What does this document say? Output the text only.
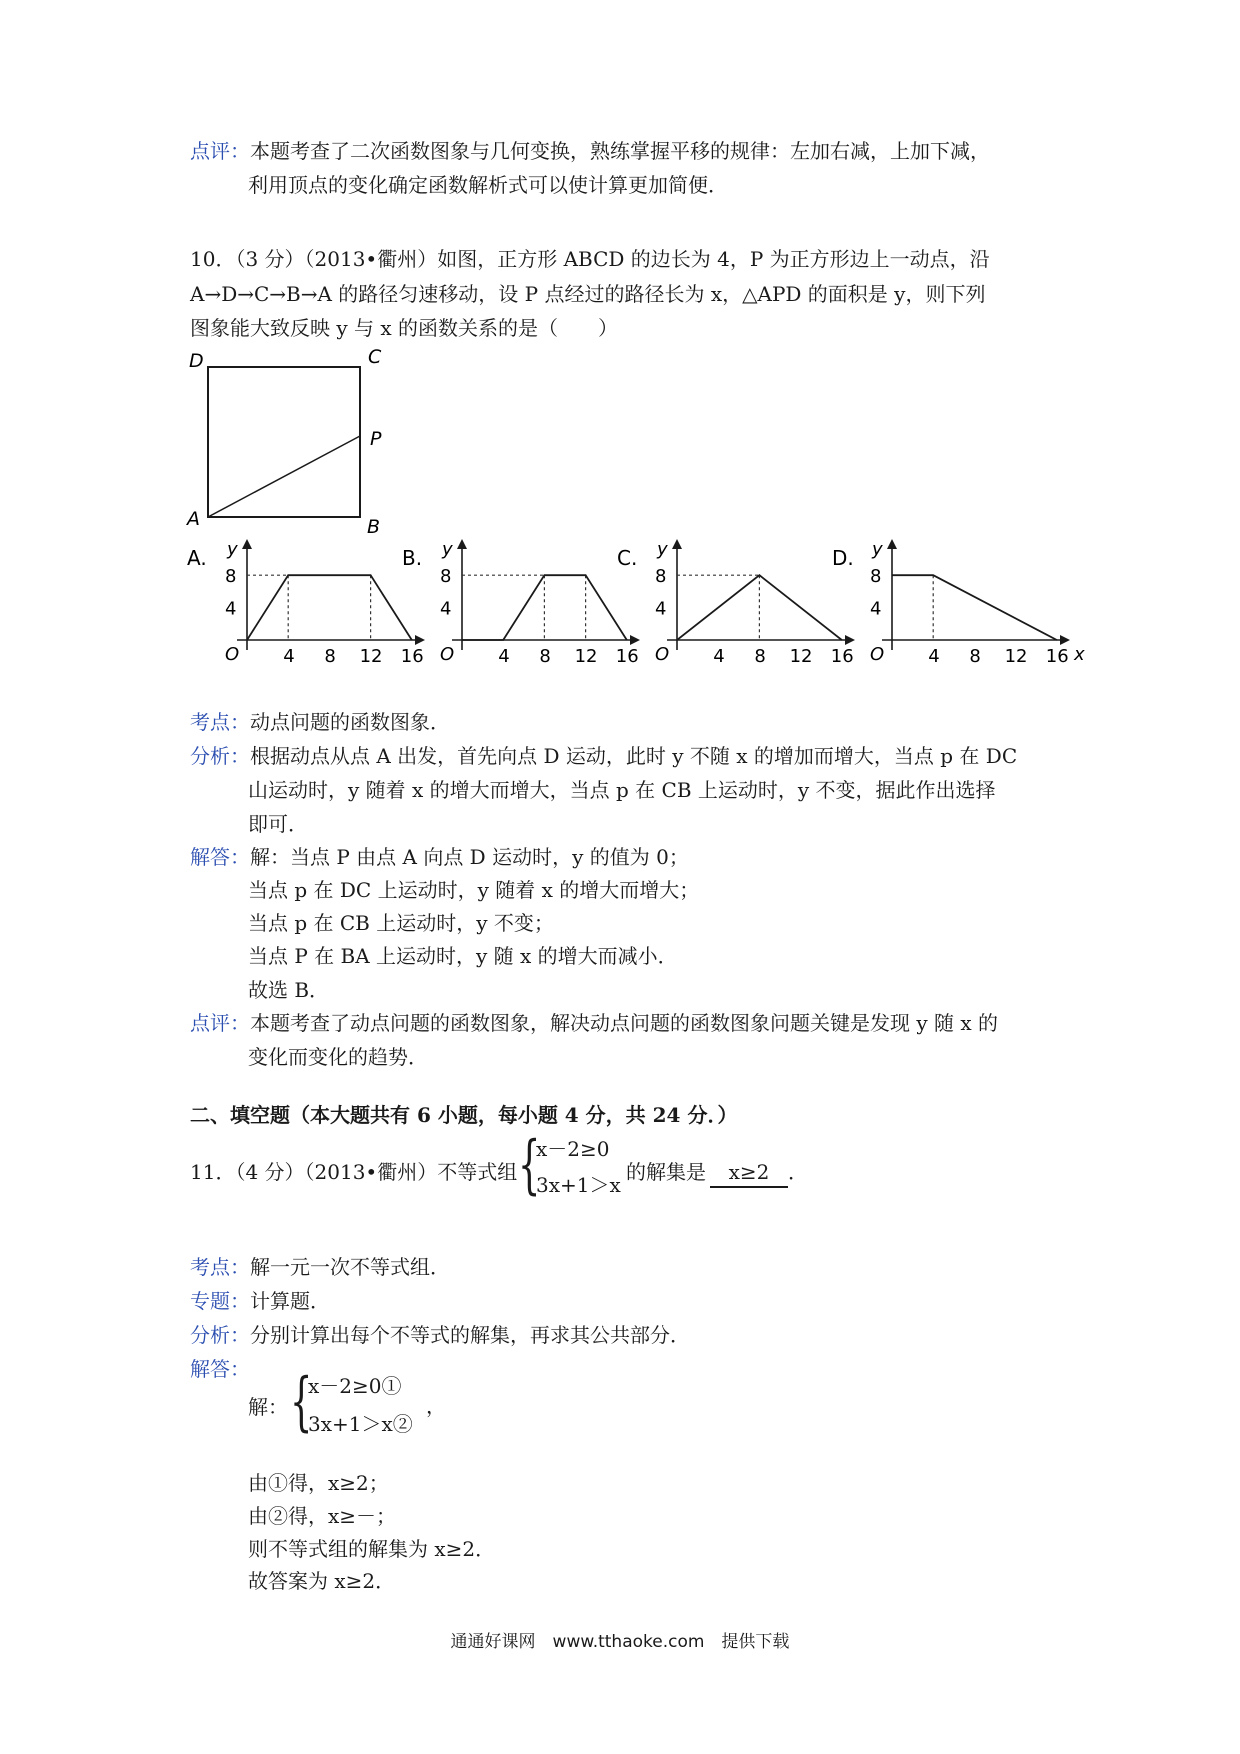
点评：本题考查了二次函数图象与几何变换，熟练掌握平移的规律：左加右减，上加下减，
利用顶点的变化确定函数解析式可以使计算更加简便．
10．（3 分）（2013•衢州）如图，正方形 ABCD 的边长为 4，P 为正方形边上一动点，沿
A→D→C→B→A 的路径匀速移动，设 P 点经过的路径长为 x，△APD 的面积是 y，则下列
图象能大致反映 y 与 x 的函数关系的是（　　）
D	C
P
A	B
A. y
O
8
4
4 8 12 16
B. y
O
8
4
4 8 12 16
C. y
O
8
4
4 8 12 16
D. y
O	x
8
4
4 8 12 16
考点：动点问题的函数图象．
分析：根据动点从点 A 出发，首先向点 D 运动，此时 y 不随 x 的增加而增大，当点 p 在 DC
山运动时，y 随着 x 的增大而增大，当点 p 在 CB 上运动时，y 不变，据此作出选择
即可．
解答：解：当点 P 由点 A 向点 D 运动时，y 的值为 0；
当点 p 在 DC 上运动时，y 随着 x 的增大而增大；
当点 p 在 CB 上运动时，y 不变；
当点 P 在 BA 上运动时，y 随 x 的增大而减小．
故选 B．
点评：本题考查了动点问题的函数图象，解决动点问题的函数图象问题关键是发现 y 随 x 的
变化而变化的趋势．
二、填空题（本大题共有 6 小题，每小题 4 分，共 24 分．）
11．（4 分）（2013•衢州）不等式组 {
x－2≥0
3x+1＞x
的解集是 x≥2 ．
考点：解一元一次不等式组．
专题：计算题．
分析：分别计算出每个不等式的解集，再求其公共部分．
解答：
解： {
x－2≥0①
3x+1＞x②
，
由①得，x≥2；
由②得，x≥－；
则不等式组的解集为 x≥2．
故答案为 x≥2．
通通好课网　www.tthaoke.com　提供下载
